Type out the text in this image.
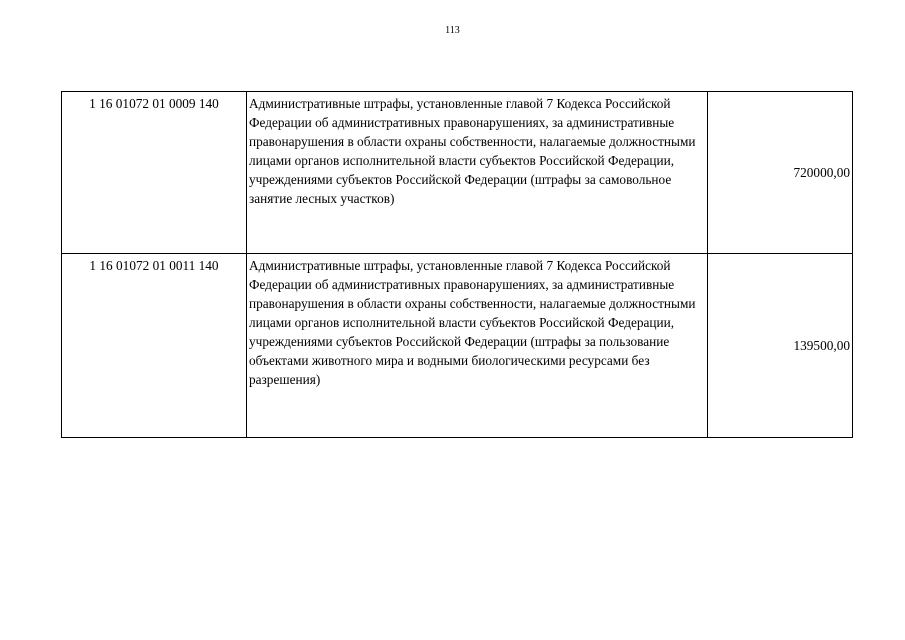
113
1 16 01072 01 0009 140	Административные штрафы, установленные главой 7 Кодекса Российской Федерации об административных правонарушениях, за административные правонарушения в области охраны собственности, налагаемые должностными лицами органов исполнительной власти субъектов Российской Федерации, учреждениями субъектов Российской Федерации (штрафы за самовольное занятие лесных участков)	720000,00
1 16 01072 01 0011 140	Административные штрафы, установленные главой 7 Кодекса Российской Федерации об административных правонарушениях, за административные правонарушения в области охраны собственности, налагаемые должностными лицами органов исполнительной власти субъектов Российской Федерации, учреждениями субъектов Российской Федерации (штрафы за пользование объектами животного мира и водными биологическими ресурсами без разрешения)	139500,00
